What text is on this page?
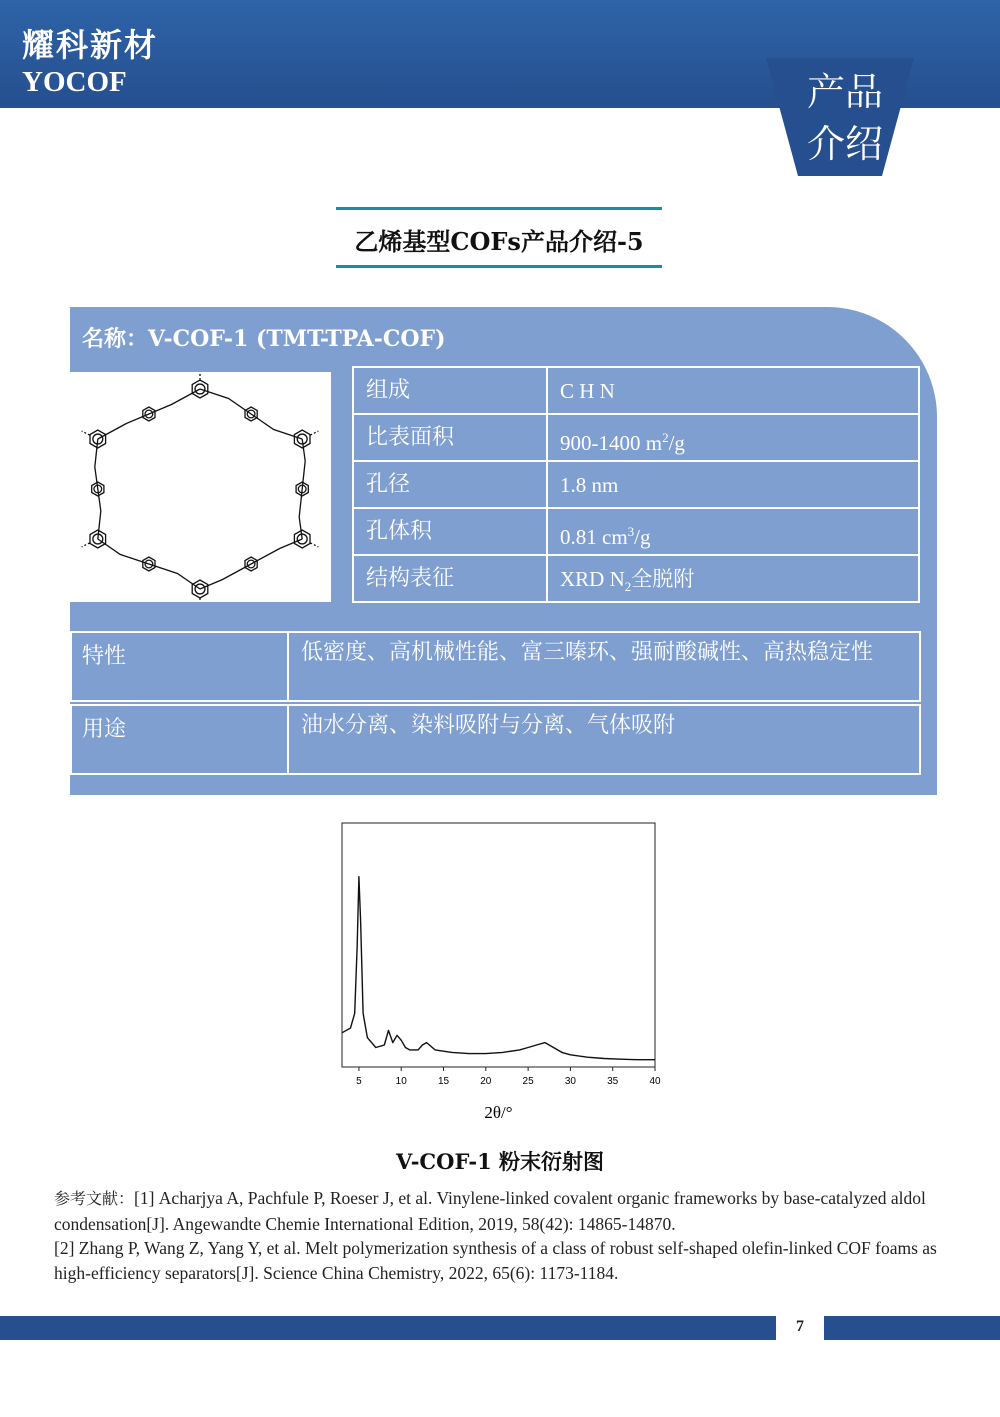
耀科新材
YOCOF	产品
介绍
乙烯基型COFs产品介绍-5
名称：V-COF-1 (TMT-TPA-COF)
组成	C H N
比表面积	900-1400 $m^2/g$
孔径	1.8 nm
孔体积	0.81 $cm^3/g$
结构表征	XRD $N_2$全脱附
特性	低密度、高机械性能、富三嗪环、强耐酸碱性、高热稳定性
用途	油水分离、染料吸附与分离、气体吸附
5	10	15	20	25	30	35	40
2θ/°
V-COF-1 粉末衍射图

参考文献：[1] Acharjya A, Pachfule P, Roeser J, et al. Vinylene-linked covalent organic frameworks by base-catalyzed aldol condensation[J]. Angewandte Chemie International Edition, 2019, 58(42): 14865-14870.

[2] Zhang P, Wang Z, Yang Y, et al. Melt polymerization synthesis of a class of robust self-shaped olefin-linked COF foams as high-efficiency separators[J]. Science China Chemistry, 2022, 65(6): 1173-1184.

7
